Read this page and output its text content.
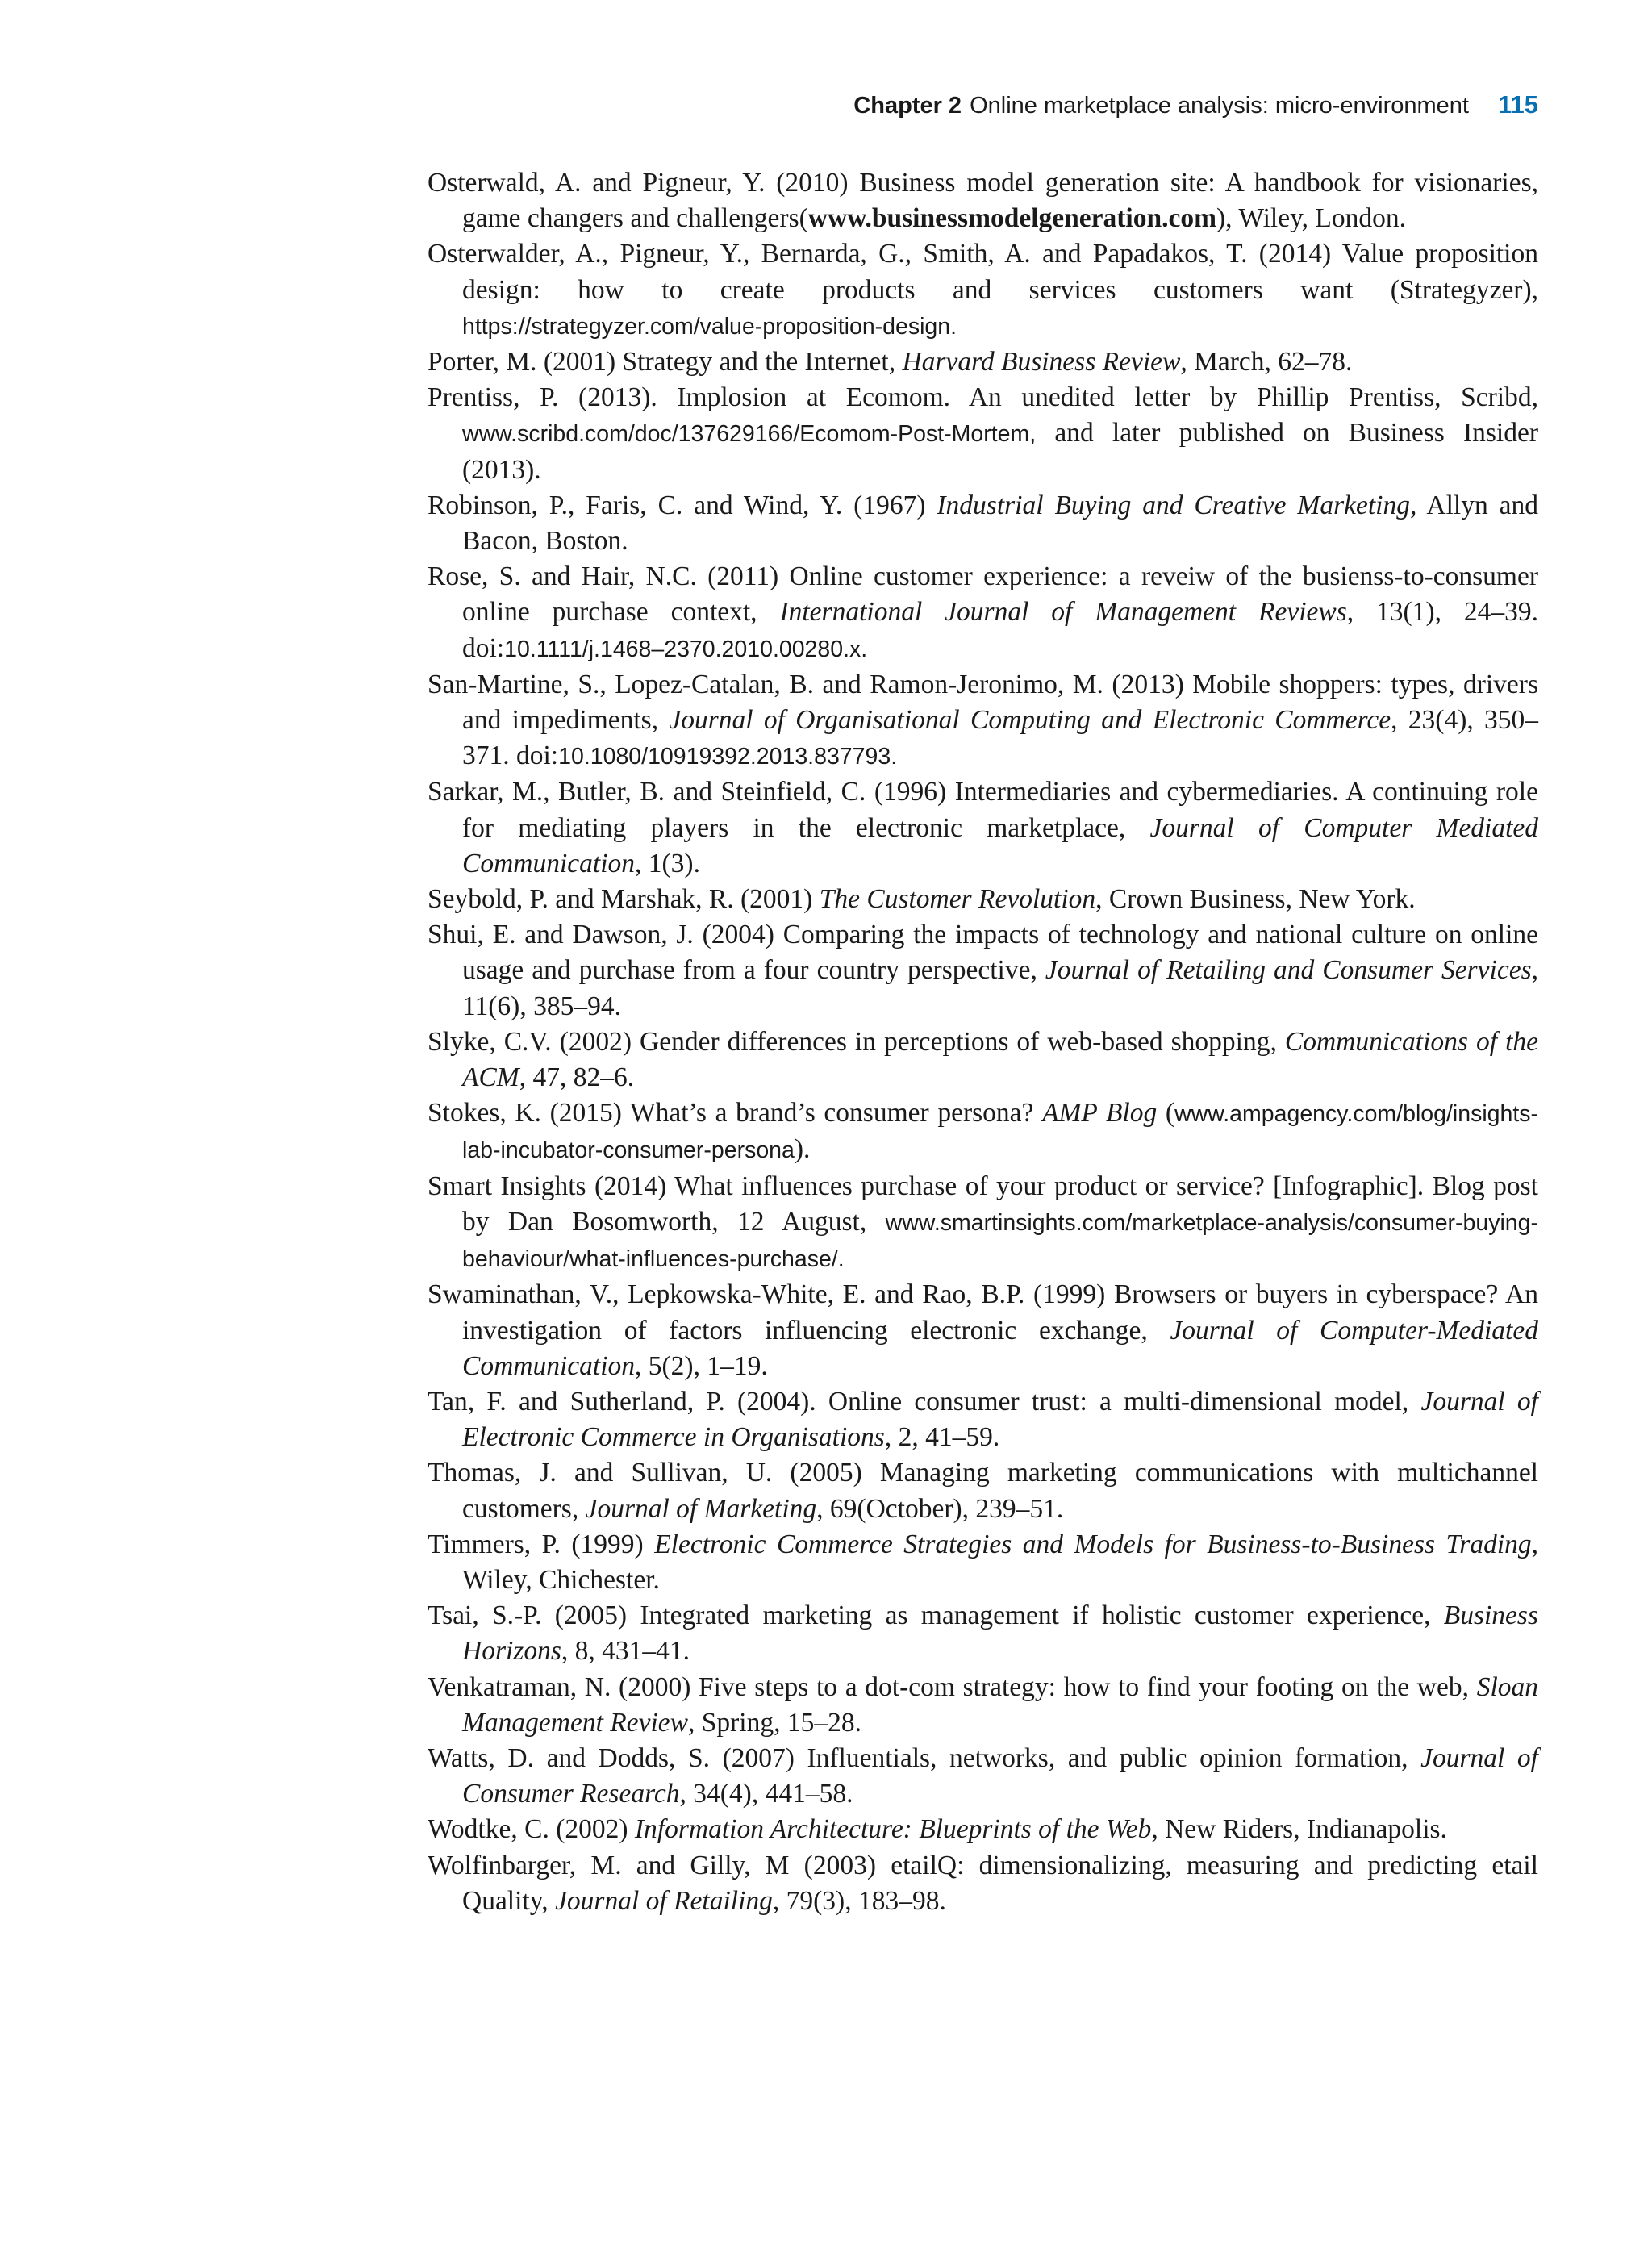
Chapter 2 Online marketplace analysis: micro-environment 115
Osterwald, A. and Pigneur, Y. (2010) Business model generation site: A handbook for visionaries, game changers and challengers(www.businessmodelgeneration.com), Wiley, London.
Osterwalder, A., Pigneur, Y., Bernarda, G., Smith, A. and Papadakos, T. (2014) Value proposition design: how to create products and services customers want (Strategyzer), https://strategyzer.com/value-proposition-design.
Porter, M. (2001) Strategy and the Internet, Harvard Business Review, March, 62–78.
Prentiss, P. (2013). Implosion at Ecomom. An unedited letter by Phillip Prentiss, Scribd, www.scribd.com/doc/137629166/Ecomom-Post-Mortem, and later published on Business Insider (2013).
Robinson, P., Faris, C. and Wind, Y. (1967) Industrial Buying and Creative Marketing, Allyn and Bacon, Boston.
Rose, S. and Hair, N.C. (2011) Online customer experience: a reveiw of the busienss-to-consumer online purchase context, International Journal of Management Reviews, 13(1), 24–39. doi:10.1111/j.1468–2370.2010.00280.x.
San-Martine, S., Lopez-Catalan, B. and Ramon-Jeronimo, M. (2013) Mobile shoppers: types, drivers and impediments, Journal of Organisational Computing and Electronic Commerce, 23(4), 350–371. doi:10.1080/10919392.2013.837793.
Sarkar, M., Butler, B. and Steinfield, C. (1996) Intermediaries and cybermediaries. A continuing role for mediating players in the electronic marketplace, Journal of Computer Mediated Communication, 1(3).
Seybold, P. and Marshak, R. (2001) The Customer Revolution, Crown Business, New York.
Shui, E. and Dawson, J. (2004) Comparing the impacts of technology and national culture on online usage and purchase from a four country perspective, Journal of Retailing and Consumer Services, 11(6), 385–94.
Slyke, C.V. (2002) Gender differences in perceptions of web-based shopping, Communications of the ACM, 47, 82–6.
Stokes, K. (2015) What’s a brand’s consumer persona? AMP Blog (www.ampagency.com/blog/insights-lab-incubator-consumer-persona).
Smart Insights (2014) What influences purchase of your product or service? [Infographic]. Blog post by Dan Bosomworth, 12 August, www.smartinsights.com/marketplace-analysis/consumer-buying-behaviour/what-influences-purchase/.
Swaminathan, V., Lepkowska-White, E. and Rao, B.P. (1999) Browsers or buyers in cyberspace? An investigation of factors influencing electronic exchange, Journal of Computer-Mediated Communication, 5(2), 1–19.
Tan, F. and Sutherland, P. (2004). Online consumer trust: a multi-dimensional model, Journal of Electronic Commerce in Organisations, 2, 41–59.
Thomas, J. and Sullivan, U. (2005) Managing marketing communications with multichannel customers, Journal of Marketing, 69(October), 239–51.
Timmers, P. (1999) Electronic Commerce Strategies and Models for Business-to-Business Trading, Wiley, Chichester.
Tsai, S.-P. (2005) Integrated marketing as management if holistic customer experience, Business Horizons, 8, 431–41.
Venkatraman, N. (2000) Five steps to a dot-com strategy: how to find your footing on the web, Sloan Management Review, Spring, 15–28.
Watts, D. and Dodds, S. (2007) Influentials, networks, and public opinion formation, Journal of Consumer Research, 34(4), 441–58.
Wodtke, C. (2002) Information Architecture: Blueprints of the Web, New Riders, Indianapolis.
Wolfinbarger, M. and Gilly, M (2003) etailQ: dimensionalizing, measuring and predicting etail Quality, Journal of Retailing, 79(3), 183–98.
